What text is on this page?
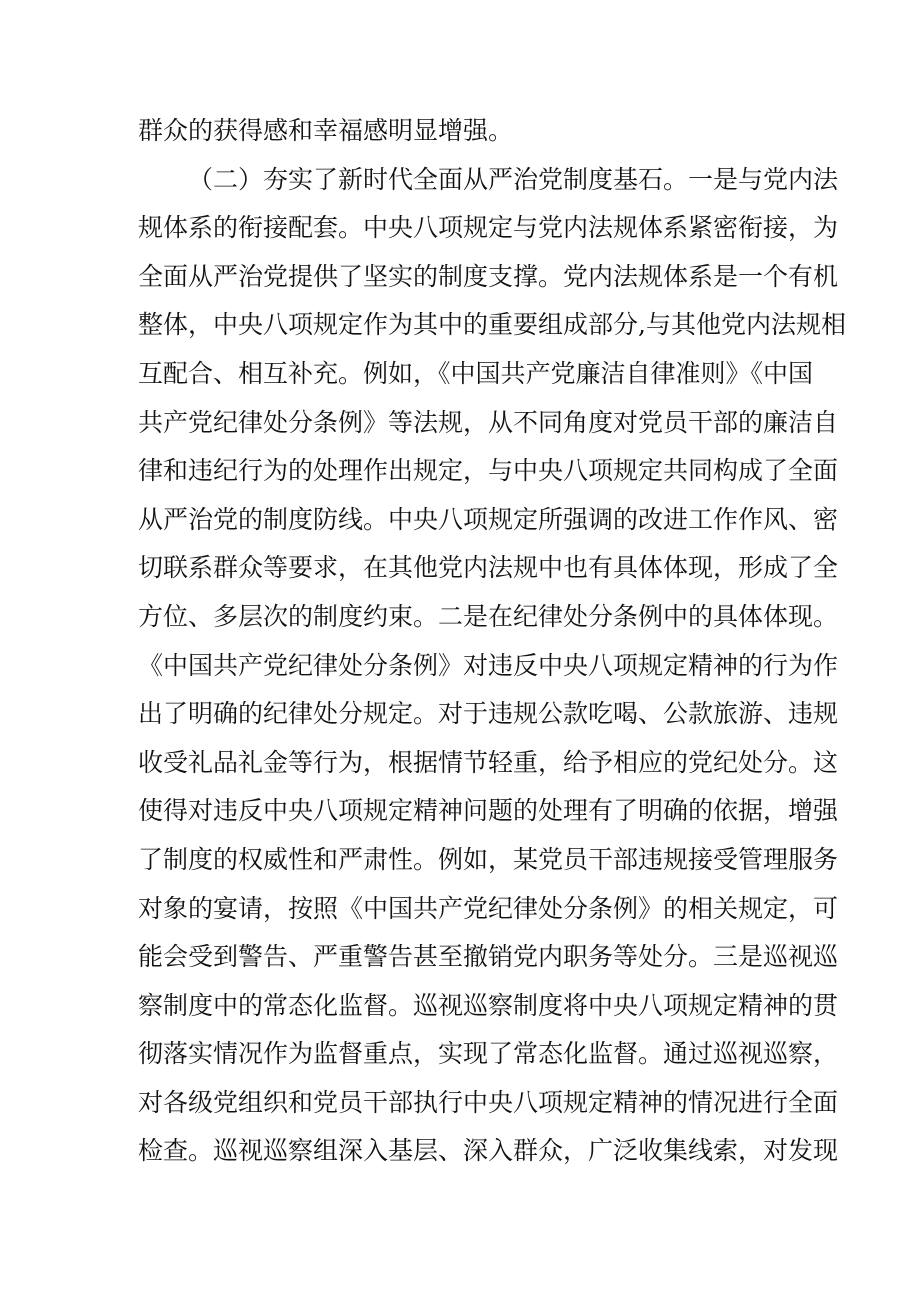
群众的获得感和幸福感明显增强。
（二）夯实了新时代全面从严治党制度基石。一是与党内法
规体系的衔接配套。中央八项规定与党内法规体系紧密衔接，为
全面从严治党提供了坚实的制度支撑。党内法规体系是一个有机
整体，中央八项规定作为其中的重要组成部分,与其他党内法规相
互配合、相互补充。例如，《中国共产党廉洁自律准则》《中国
共产党纪律处分条例》等法规，从不同角度对党员干部的廉洁自
律和违纪行为的处理作出规定，与中央八项规定共同构成了全面
从严治党的制度防线。中央八项规定所强调的改进工作作风、密
切联系群众等要求，在其他党内法规中也有具体体现，形成了全
方位、多层次的制度约束。二是在纪律处分条例中的具体体现。
《中国共产党纪律处分条例》对违反中央八项规定精神的行为作
出了明确的纪律处分规定。对于违规公款吃喝、公款旅游、违规
收受礼品礼金等行为，根据情节轻重，给予相应的党纪处分。这
使得对违反中央八项规定精神问题的处理有了明确的依据，增强
了制度的权威性和严肃性。例如，某党员干部违规接受管理服务
对象的宴请，按照《中国共产党纪律处分条例》的相关规定，可
能会受到警告、严重警告甚至撤销党内职务等处分。三是巡视巡
察制度中的常态化监督。巡视巡察制度将中央八项规定精神的贯
彻落实情况作为监督重点，实现了常态化监督。通过巡视巡察，
对各级党组织和党员干部执行中央八项规定精神的情况进行全面
检查。巡视巡察组深入基层、深入群众，广泛收集线索，对发现
